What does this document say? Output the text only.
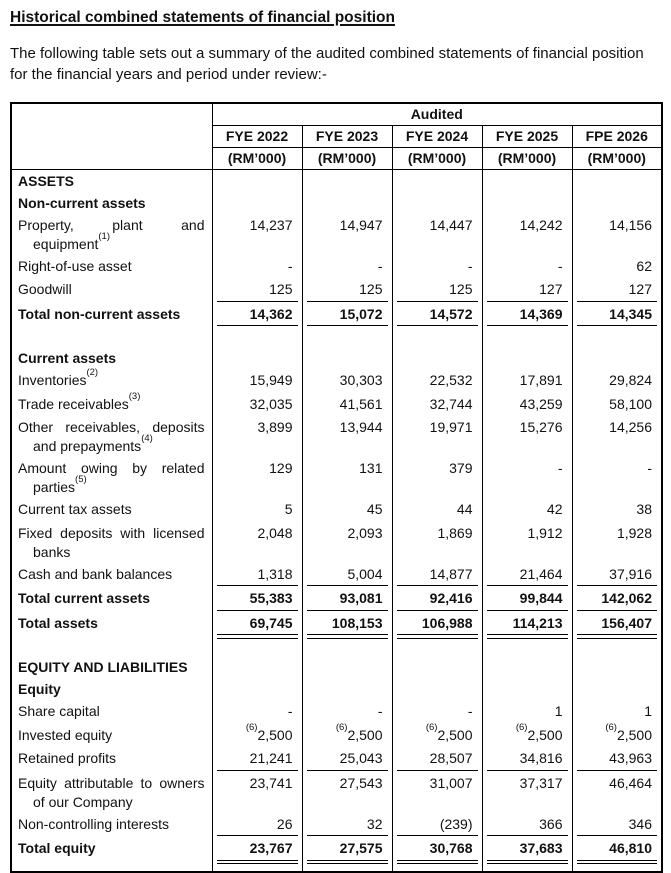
Historical combined statements of financial position

The following table sets out a summary of the audited combined statements of financial position for the financial years and period under review:-

	Audited				
	FYE 2022	FYE 2023	FYE 2024	FYE 2025	FPE 2026
	(RM’000)	(RM’000)	(RM’000)	(RM’000)	(RM’000)

ASSETS					

Non-current assets					

Property, plant and equipment$^{(1)}$	14,237	14,947	14,447	14,242	14,156

Right-of-use asset	-	-	-	-	62

Goodwill	125	125	125	127	127

Total non-current assets	14,362	15,072	14,572	14,369	14,345

Current assets					

Inventories$^{(2)}$	15,949	30,303	22,532	17,891	29,824

Trade receivables$^{(3)}$	32,035	41,561	32,744	43,259	58,100

Other receivables, deposits and prepayments$^{(4)}$	3,899	13,944	19,971	15,276	14,256

Amount owing by related parties$^{(5)}$	129	131	379	-	-

Current tax assets	5	45	44	42	38

Fixed deposits with licensed banks	2,048	2,093	1,869	1,912	1,928

Cash and bank balances	1,318	5,004	14,877	21,464	37,916

Total current assets	55,383	93,081	92,416	99,844	142,062

Total assets	69,745	108,153	106,988	114,213	156,407

EQUITY AND LIABILITIES					

Equity					

Share capital	-	-	-	1	1

Invested equity	$^{(6)}$2,500	$^{(6)}$2,500	$^{(6)}$2,500	$^{(6)}$2,500	$^{(6)}$2,500

Retained profits	21,241	25,043	28,507	34,816	43,963

Equity attributable to owners of our Company	23,741	27,543	31,007	37,317	46,464

Non-controlling interests	26	32	(239)	366	346

Total equity	23,767	27,575	30,768	37,683	46,810
